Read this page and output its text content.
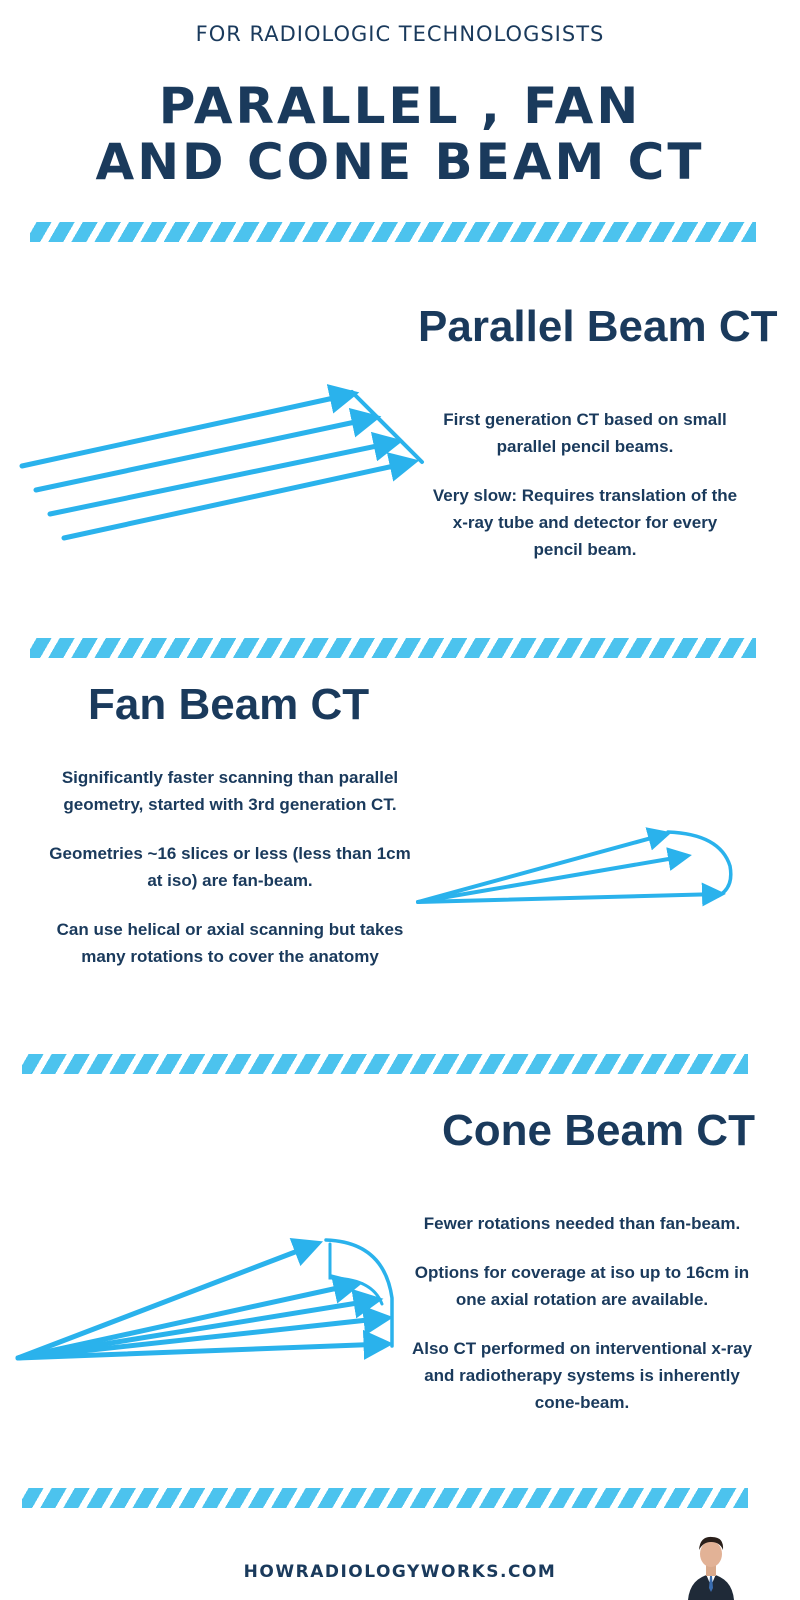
FOR RADIOLOGIC TECHNOLOGSISTS
PARALLEL , FAN
AND CONE BEAM CT
Parallel Beam CT

First generation CT based on small parallel pencil beams.

Very slow: Requires translation of the x-ray tube and detector for every pencil beam.

Fan Beam CT

Significantly faster scanning than parallel geometry, started with 3rd generation CT.

Geometries ~16 slices or less (less than 1cm at iso) are fan-beam.

Can use helical or axial scanning but takes many rotations to cover the anatomy

Cone Beam CT

Fewer rotations needed than fan-beam.

Options for coverage at iso up to 16cm in one axial rotation are available.

Also CT performed on interventional x-ray and radiotherapy systems is inherently cone-beam.

HOWRADIOLOGYWORKS.COM
